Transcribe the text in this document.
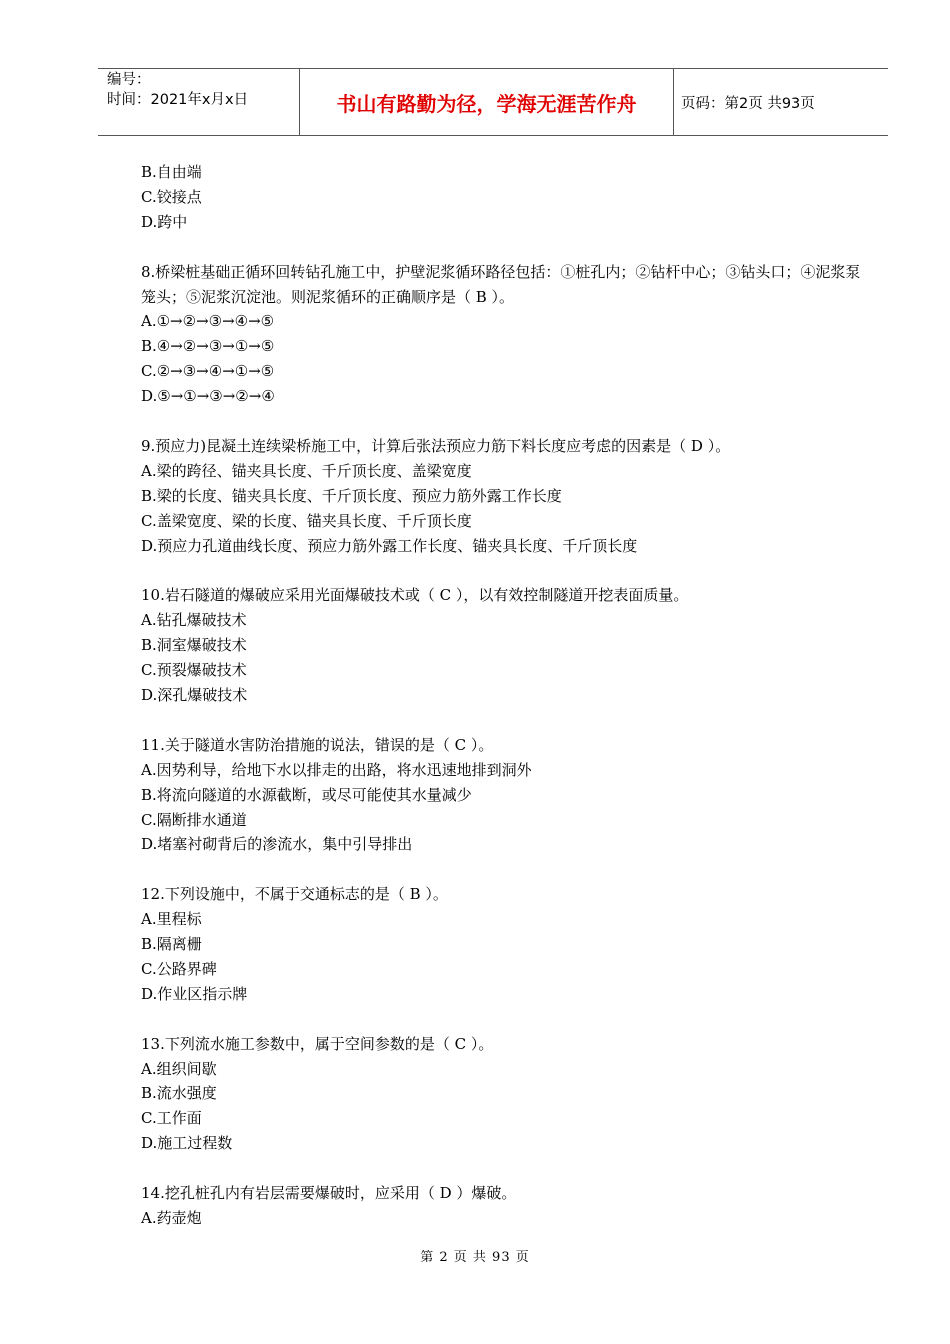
编号：
时间：2021年x月x日	书山有路勤为径，学海无涯苦作舟	页码：第2页 共93页
B.自由端
C.铰接点
D.跨中
8.桥梁桩基础正循环回转钻孔施工中，护壁泥浆循环路径包括：①桩孔内；②钻杆中心；③钻头口；④泥浆泵笼头；⑤泥浆沉淀池。则泥浆循环的正确顺序是（ B ）。
A.①→②→③→④→⑤
B.④→②→③→①→⑤
C.②→③→④→①→⑤
D.⑤→①→③→②→④
9.预应力)昆凝土连续梁桥施工中，计算后张法预应力筋下料长度应考虑的因素是（ D ）。
A.梁的跨径、锚夹具长度、千斤顶长度、盖梁宽度
B.梁的长度、锚夹具长度、千斤顶长度、预应力筋外露工作长度
C.盖梁宽度、梁的长度、锚夹具长度、千斤顶长度
D.预应力孔道曲线长度、预应力筋外露工作长度、锚夹具长度、千斤顶长度
10.岩石隧道的爆破应采用光面爆破技术或（ C ），以有效控制隧道开挖表面质量。
A.钻孔爆破技术
B.洞室爆破技术
C.预裂爆破技术
D.深孔爆破技术
11.关于隧道水害防治措施的说法，错误的是（ C ）。
A.因势利导，给地下水以排走的出路，将水迅速地排到洞外
B.将流向隧道的水源截断，或尽可能使其水量减少
C.隔断排水通道
D.堵塞衬砌背后的渗流水，集中引导排出
12.下列设施中，不属于交通标志的是（ B ）。
A.里程标
B.隔离栅
C.公路界碑
D.作业区指示牌
13.下列流水施工参数中，属于空间参数的是（ C ）。
A.组织间歇
B.流水强度
C.工作面
D.施工过程数
14.挖孔桩孔内有岩层需要爆破时，应采用（ D ）爆破。
A.药壶炮
第 2 页 共 93 页
